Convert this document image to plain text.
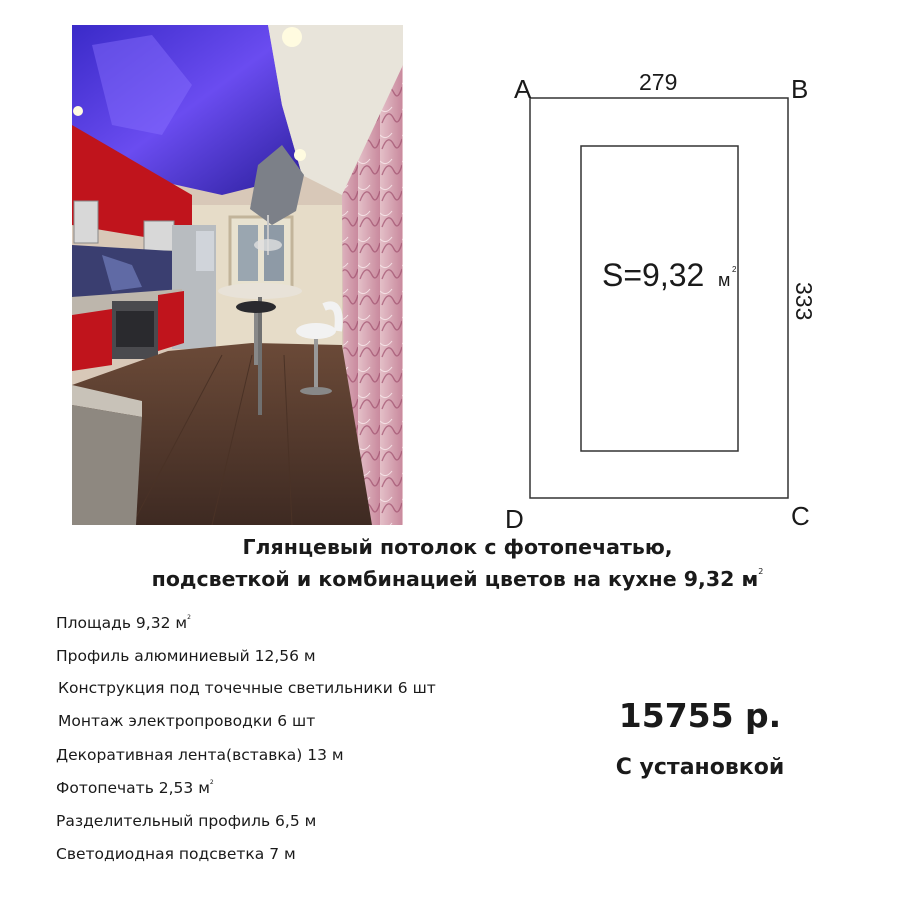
A	B
C
D
279
333
S=9,32 м
2
Глянцевый потолок с фотопечатью,
подсветкой и комбинацией цветов на кухне 9,32 $м^2$
Площадь 9,32 $м^2$
Профиль алюминиевый 12,56 м
Конструкция под точечные светильники 6 шт
Монтаж электропроводки 6 шт
Декоративная лента(вставка) 13 м
Фотопечать 2,53 $м^2$
Разделительный профиль 6,5 м
Светодиодная подсветка 7 м
15755 р.
С установкой
